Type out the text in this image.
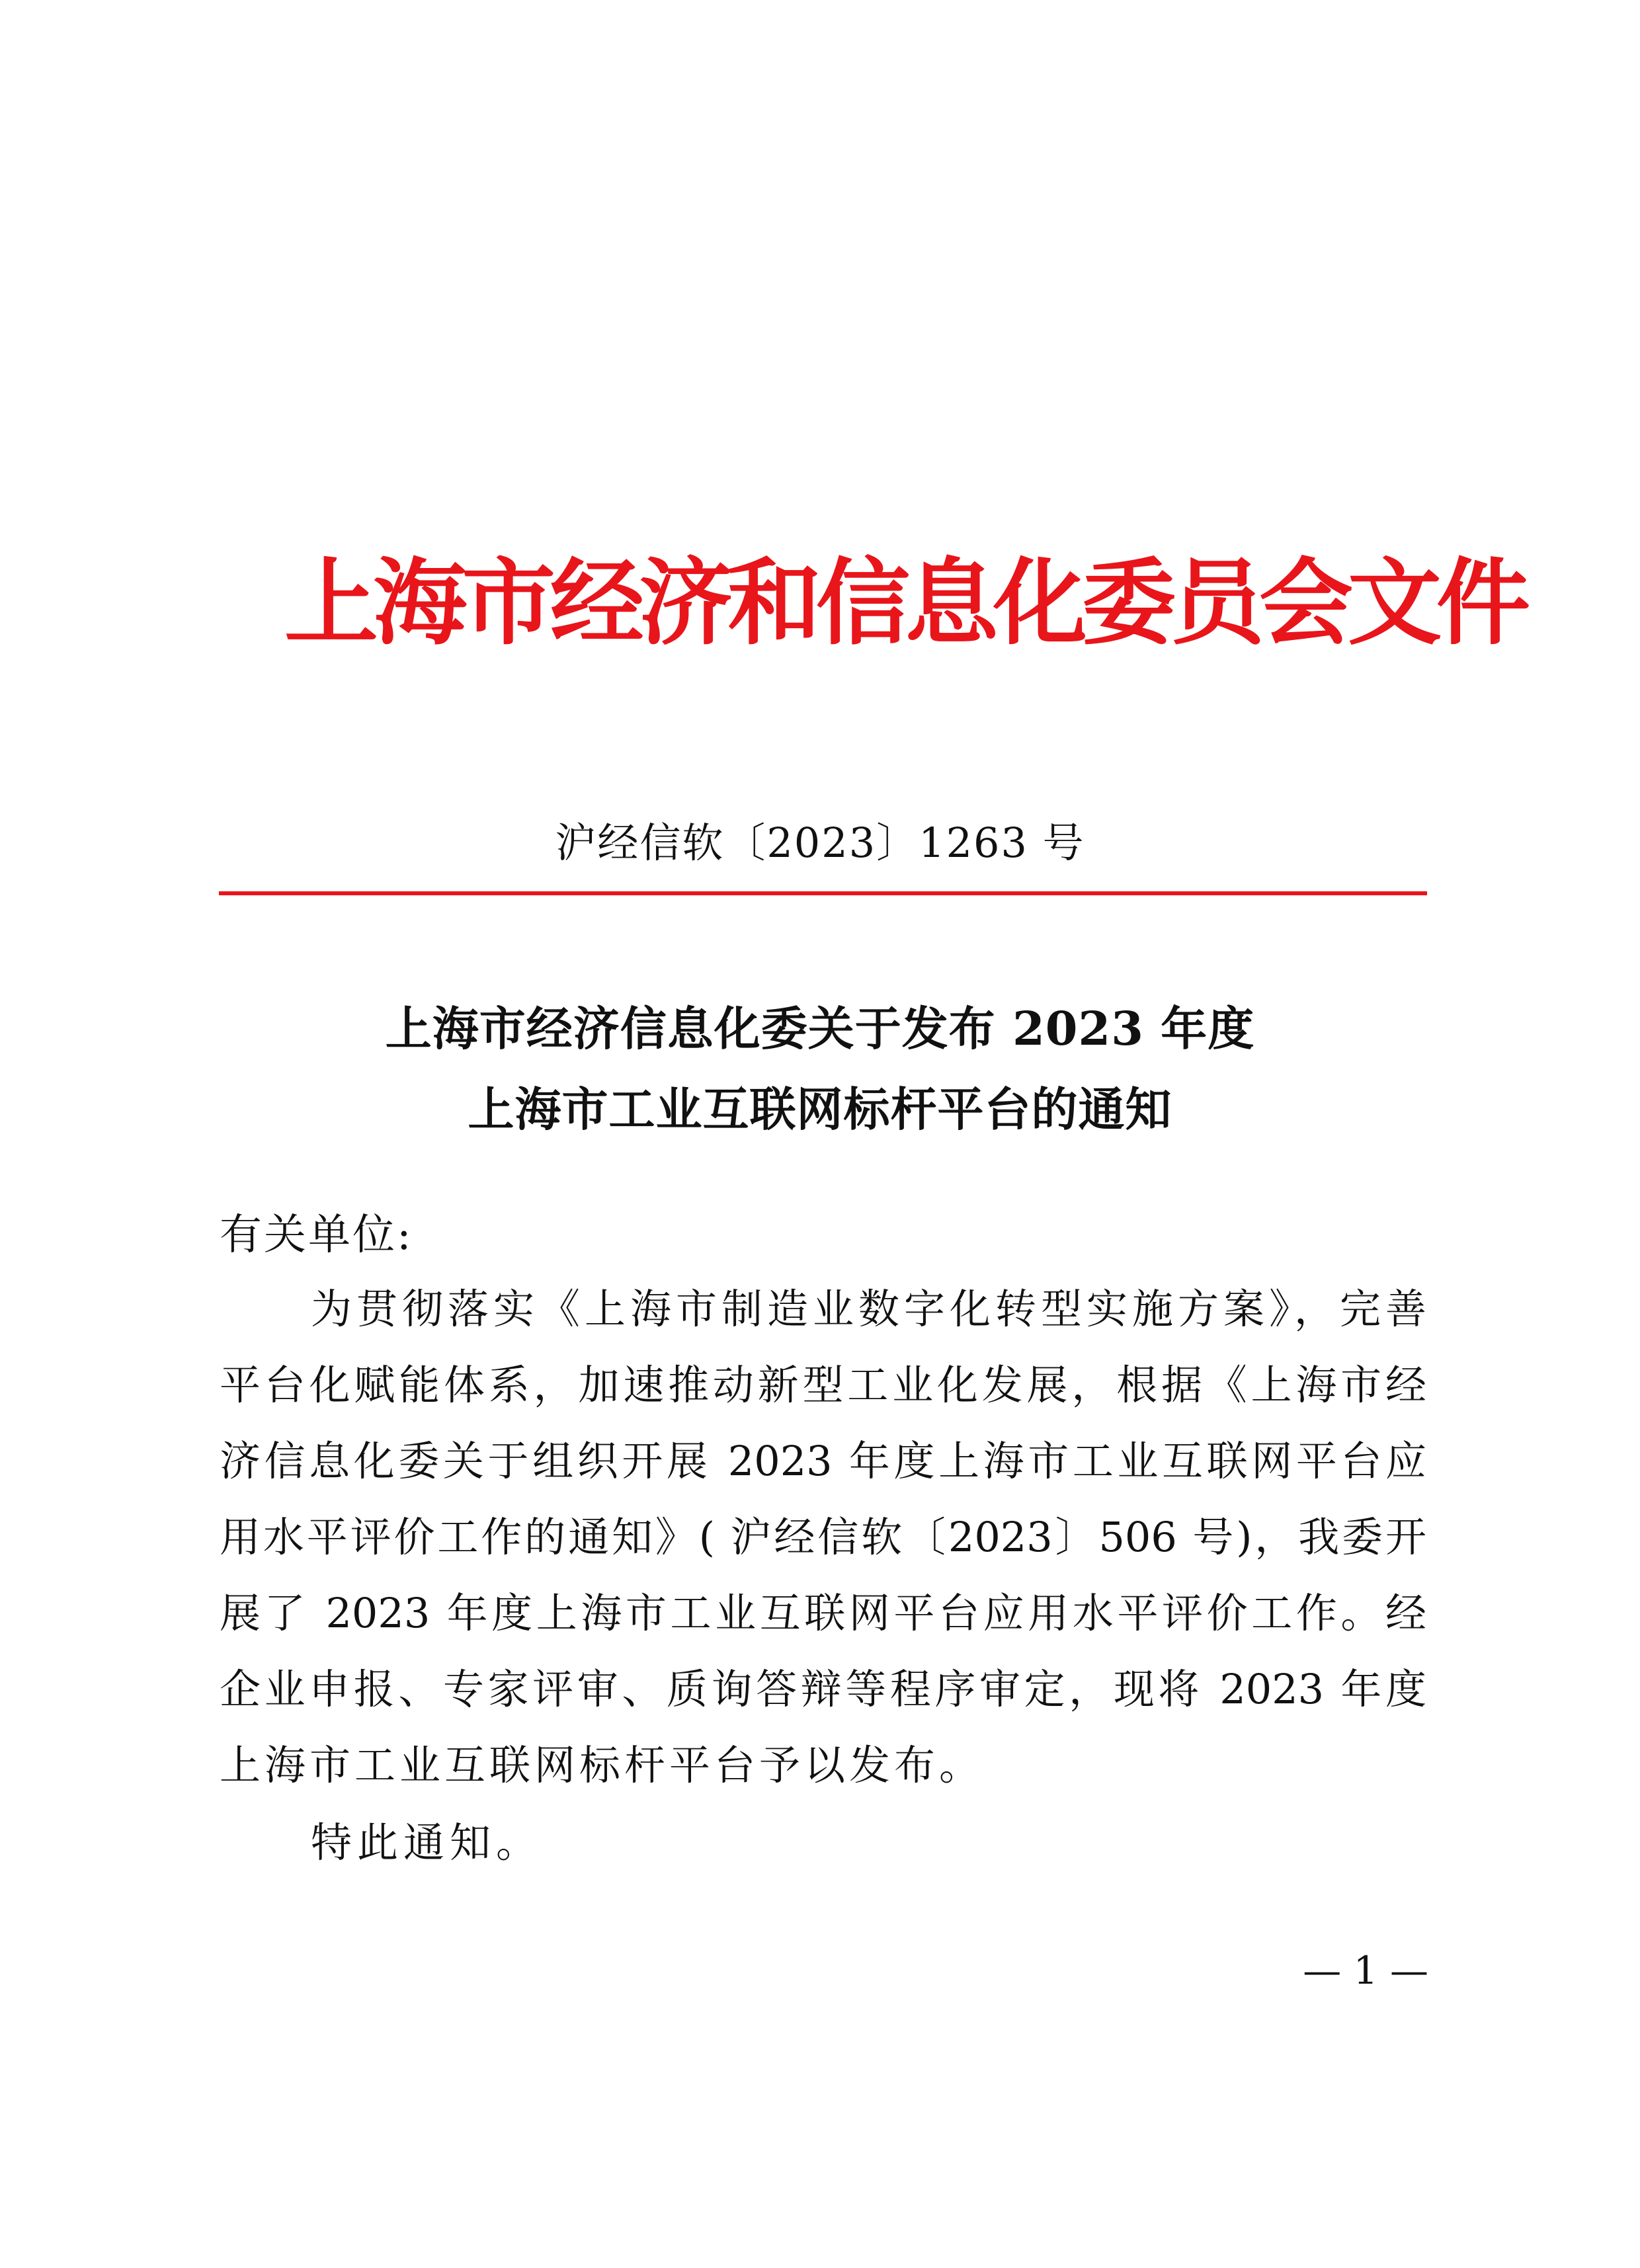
上海市经济和信息化委员会文件
沪经信软〔2023〕1263 号
上海市经济信息化委关于发布 2023 年度
上海市工业互联网标杆平台的通知
有关单位:
为贯彻落实《上海市制造业数字化转型实施方案》，完善
平台化赋能体系，加速推动新型工业化发展，根据《上海市经
济信息化委关于组织开展 2023 年度上海市工业互联网平台应
用水平评价工作的通知》( 沪经信软〔2023〕506 号)，我委开
展了 2023 年度上海市工业互联网平台应用水平评价工作。经
企业申报、专家评审、质询答辩等程序审定，现将 2023 年度
上海市工业互联网标杆平台予以发布。
特此通知。
— 1 —
